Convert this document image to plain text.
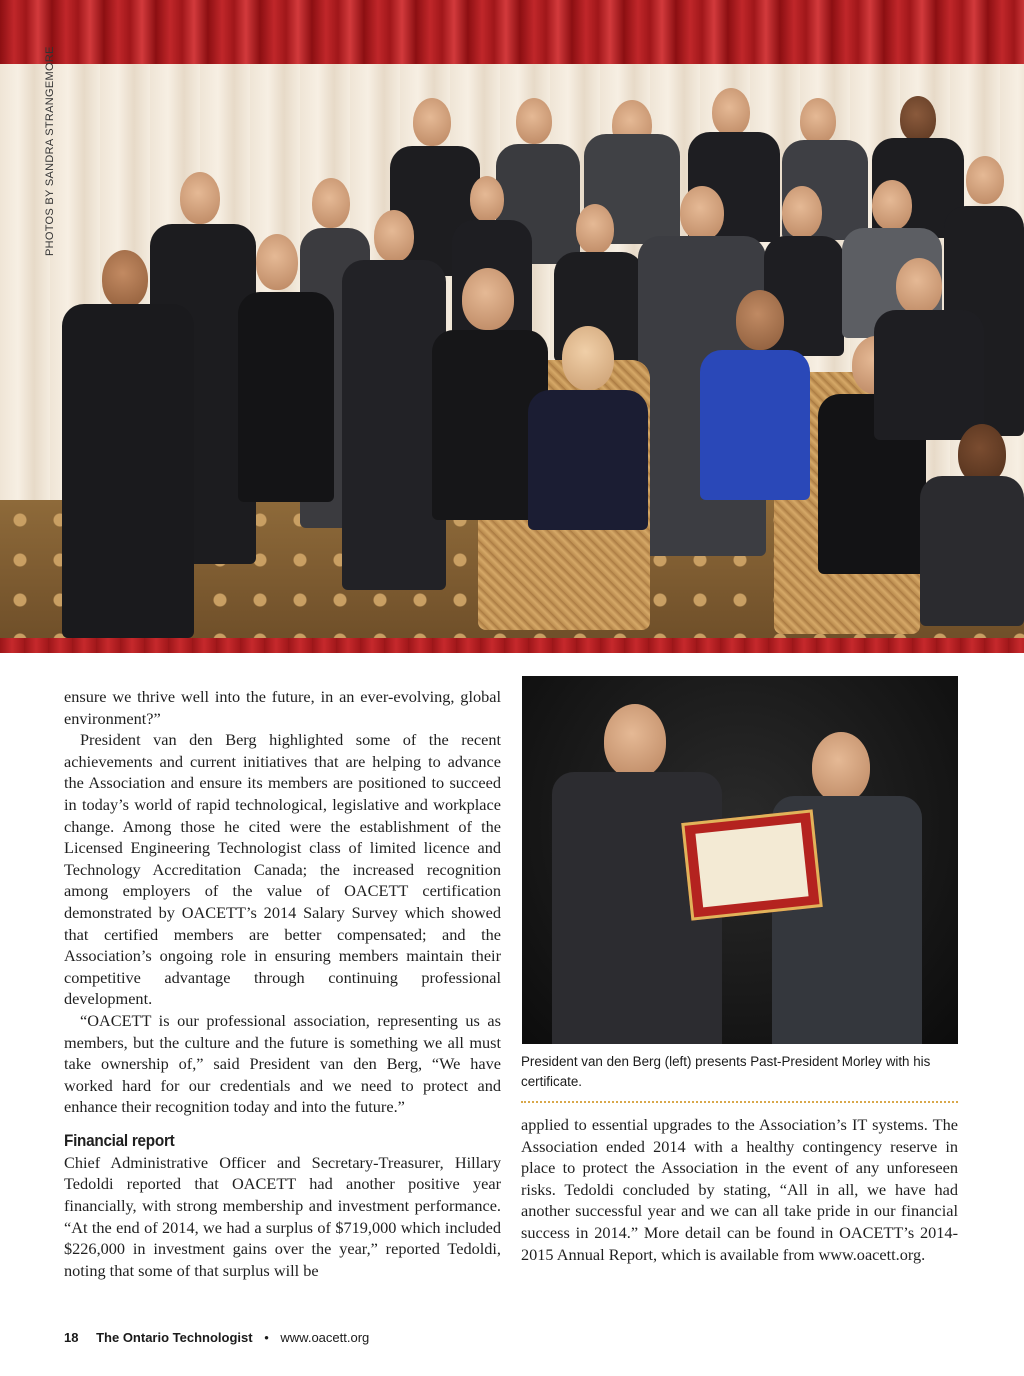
PHOTOS BY SANDRA STRANGEMORE

ensure we thrive well into the future, in an ever-evolving, global environment?”

President van den Berg highlighted some of the recent achievements and current initiatives that are helping to advance the Association and ensure its members are positioned to succeed in today’s world of rapid technological, legislative and workplace change. Among those he cited were the establishment of the Licensed Engineering Technologist class of limited licence and Technology Accreditation Canada; the increased recognition among employers of the value of OACETT certification demonstrated by OACETT’s 2014 Salary Survey which showed that certified members are better compensated; and the Association’s ongoing role in ensuring members maintain their competitive advantage through continuing professional development.

“OACETT is our professional association, representing us as members, but the culture and the future is something we all must take ownership of,” said President van den Berg, “We have worked hard for our credentials and we need to protect and enhance their recognition today and into the future.”

Financial report

Chief Administrative Officer and Secretary-Treasurer, Hillary Tedoldi reported that OACETT had another positive year financially, with strong membership and investment performance. “At the end of 2014, we had a surplus of $719,000 which included $226,000 in investment gains over the year,” reported Tedoldi, noting that some of that surplus will be

President van den Berg (left) presents Past-President Morley with his certificate.

applied to essential upgrades to the Association’s IT systems. The Association ended 2014 with a healthy contingency reserve in place to protect the Association in the event of any unforeseen risks. Tedoldi concluded by stating, “All in all, we have had another successful year and we can all take pride in our financial success in 2014.” More detail can be found in OACETT’s 2014-2015 Annual Report, which is available from www.oacett.org.

18 The Ontario Technologist • www.oacett.org
